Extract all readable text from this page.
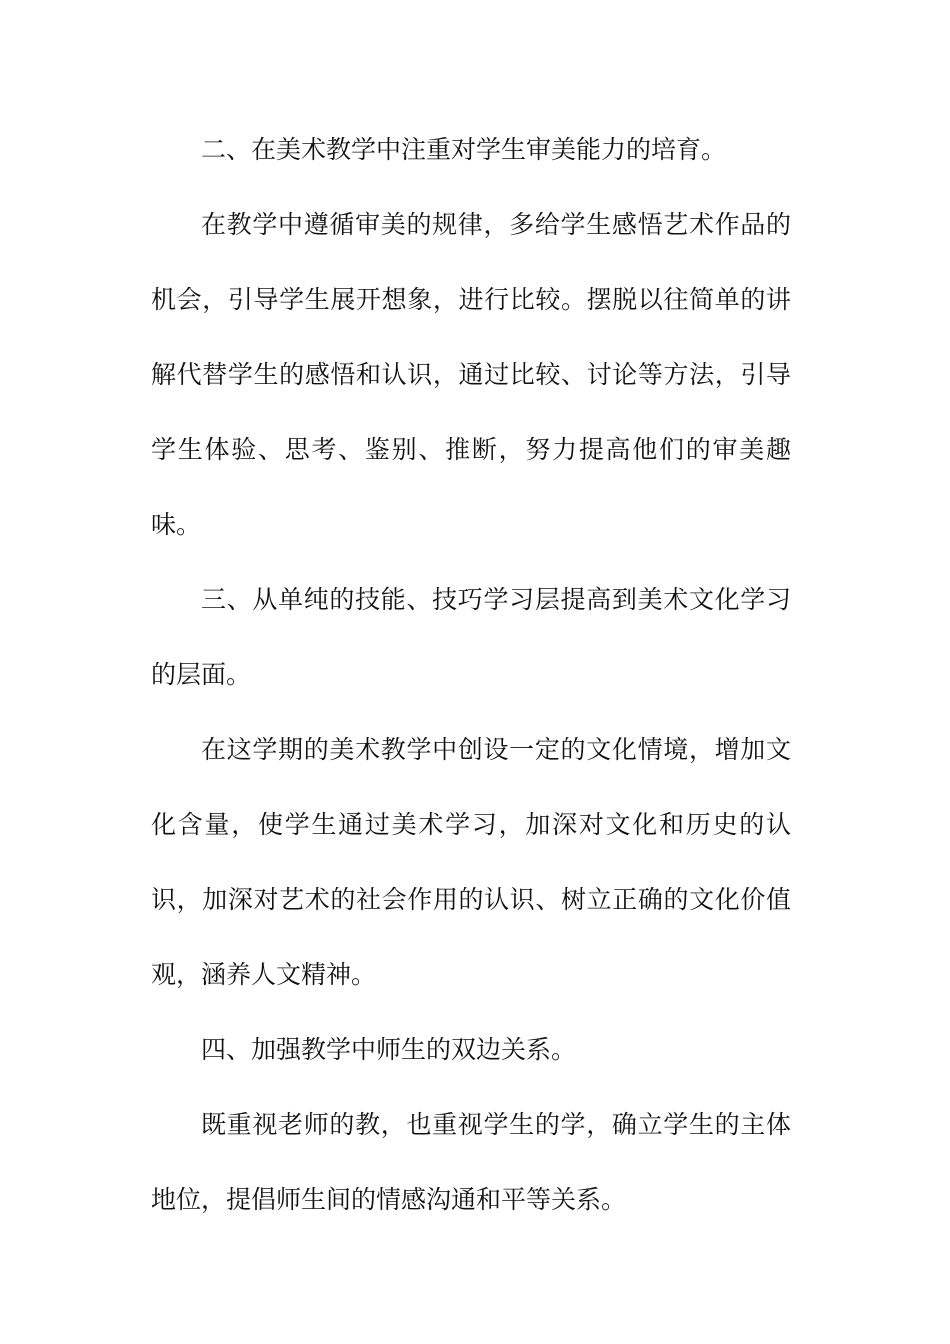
二、在美术教学中注重对学生审美能力的培育。

在教学中遵循审美的规律，多给学生感悟艺术作品的机会，引导学生展开想象，进行比较。摆脱以往简单的讲解代替学生的感悟和认识，通过比较、讨论等方法，引导学生体验、思考、鉴别、推断，努力提高他们的审美趣味。

三、从单纯的技能、技巧学习层提高到美术文化学习的层面。

在这学期的美术教学中创设一定的文化情境，增加文化含量，使学生通过美术学习，加深对文化和历史的认识，加深对艺术的社会作用的认识、树立正确的文化价值观，涵养人文精神。

四、加强教学中师生的双边关系。

既重视老师的教，也重视学生的学，确立学生的主体地位，提倡师生间的情感沟通和平等关系。
